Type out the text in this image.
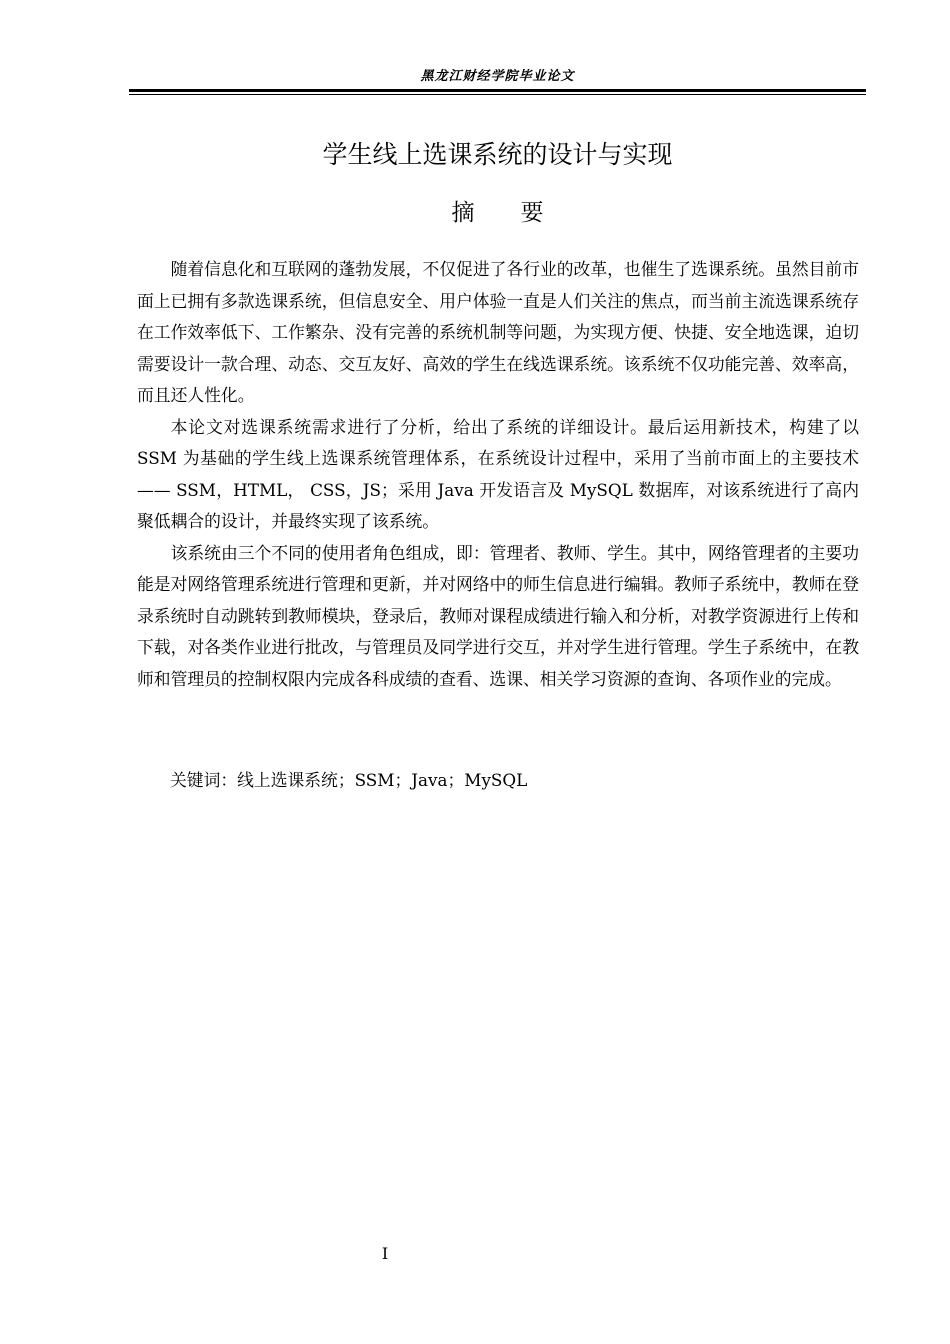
黑龙江财经学院毕业论文
学生线上选课系统的设计与实现
摘　　要

随着信息化和互联网的蓬勃发展，不仅促进了各行业的改革，也催生了选课系统。虽然目前市面上已拥有多款选课系统，但信息安全、用户体验一直是人们关注的焦点，而当前主流选课系统存在工作效率低下、工作繁杂、没有完善的系统机制等问题，为实现方便、快捷、安全地选课，迫切需要设计一款合理、动态、交互友好、高效的学生在线选课系统。该系统不仅功能完善、效率高，而且还人性化。

本论文对选课系统需求进行了分析，给出了系统的详细设计。最后运用新技术，构建了以 SSM 为基础的学生线上选课系统管理体系，在系统设计过程中，采用了当前市面上的主要技术—— SSM，HTML， CSS，JS；采用 Java 开发语言及 MySQL 数据库，对该系统进行了高内聚低耦合的设计，并最终实现了该系统。

该系统由三个不同的使用者角色组成，即：管理者、教师、学生。其中，网络管理者的主要功能是对网络管理系统进行管理和更新，并对网络中的师生信息进行编辑。教师子系统中，教师在登录系统时自动跳转到教师模块，登录后，教师对课程成绩进行输入和分析，对教学资源进行上传和下载，对各类作业进行批改，与管理员及同学进行交互，并对学生进行管理。学生子系统中，在教师和管理员的控制权限内完成各科成绩的查看、选课、相关学习资源的查询、各项作业的完成。

关键词：线上选课系统；SSM；Java；MySQL
I
